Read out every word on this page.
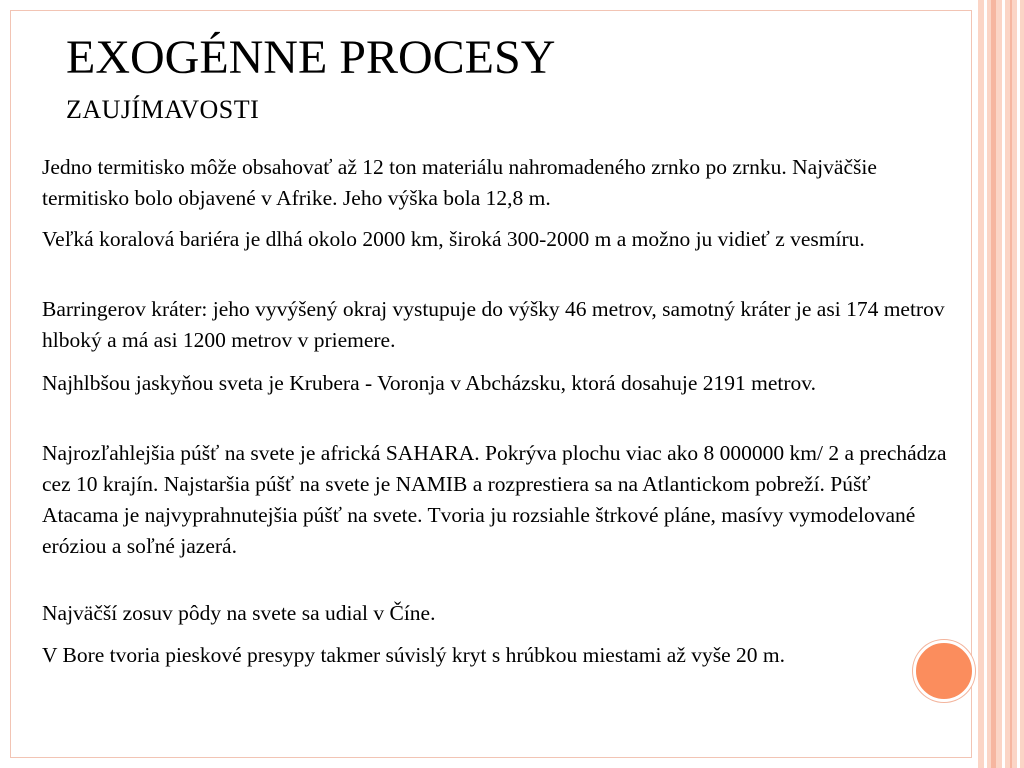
EXOGÉNNE PROCESY
ZAUJÍMAVOSTI

Jedno termitisko môže obsahovať až 12 ton materiálu nahromadeného zrnko po zrnku. Najväčšie termitisko bolo objavené v Afrike. Jeho výška bola 12,8 m.

Veľká koralová bariéra je dlhá okolo 2000 km, široká 300-2000 m a možno ju vidieť z vesmíru.

Barringerov kráter: jeho vyvýšený okraj vystupuje do výšky 46 metrov, samotný kráter je asi 174 metrov hlboký a má asi 1200 metrov v priemere.

Najhlbšou jaskyňou sveta je Krubera - Voronja v Abcházsku, ktorá dosahuje 2191 metrov.

Najrozľahlejšia púšť na svete je africká SAHARA. Pokrýva plochu viac ako 8 000000 km/ 2 a prechádza cez 10 krajín. Najstaršia púšť na svete je NAMIB a rozprestiera sa na Atlantickom pobreží. Púšť Atacama je najvyprahnutejšia púšť na svete. Tvoria ju rozsiahle štrkové pláne, masívy vymodelované eróziou a soľné jazerá.

Najväčší zosuv pôdy na svete sa udial v Číne.

V Bore tvoria pieskové presypy takmer súvislý kryt s hrúbkou miestami až vyše 20 m.
